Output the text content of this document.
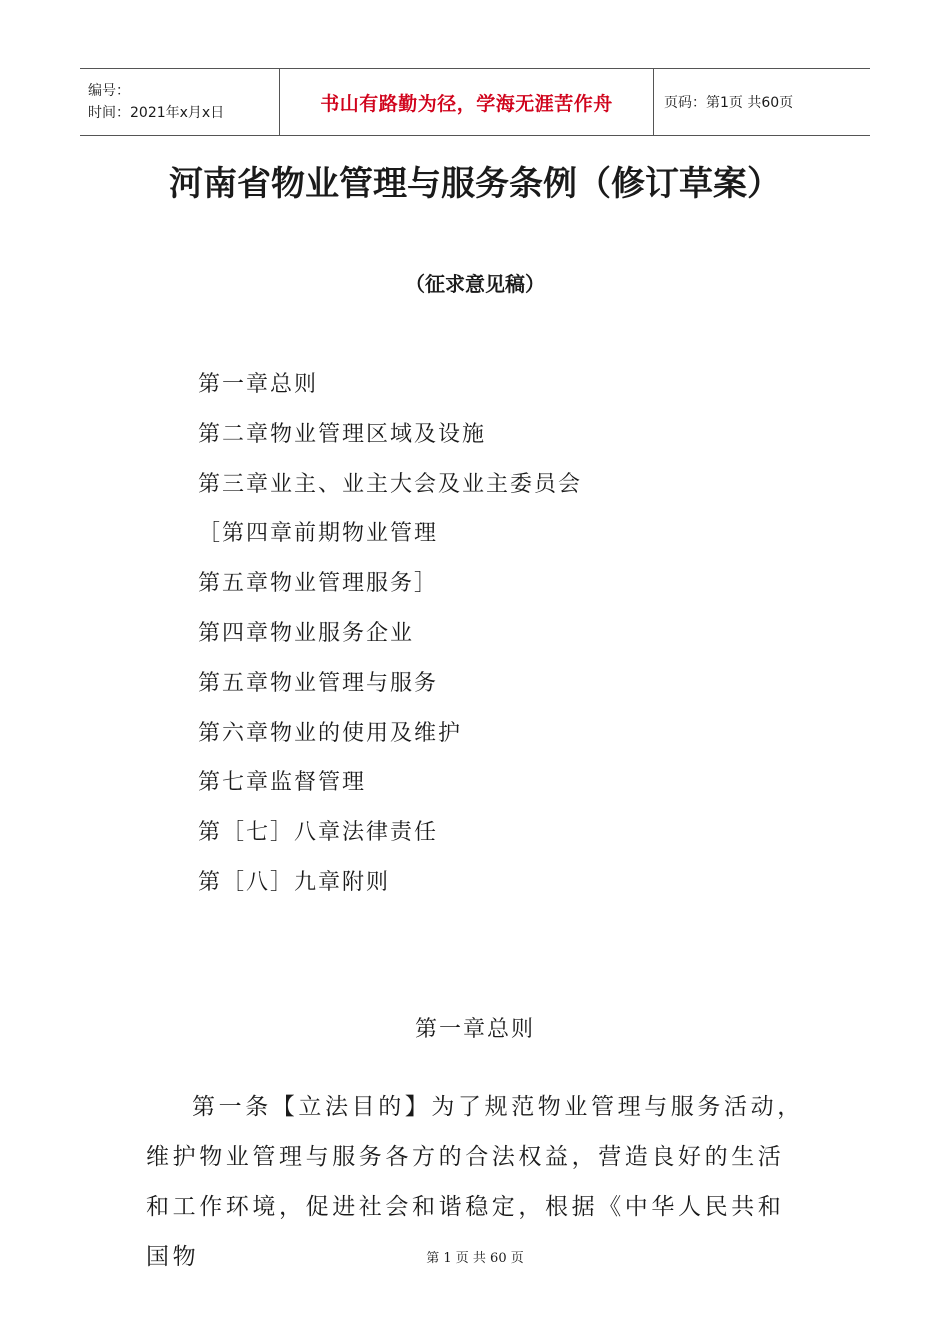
编号：
时间：2021年x月x日	书山有路勤为径，学海无涯苦作舟	页码：第1页 共60页
河南省物业管理与服务条例（修订草案）
（征求意见稿）
第一章总则
第二章物业管理区域及设施
第三章业主、业主大会及业主委员会
［第四章前期物业管理
第五章物业管理服务］
第四章物业服务企业
第五章物业管理与服务
第六章物业的使用及维护
第七章监督管理
第［七］八章法律责任
第［八］九章附则
第一章总则

第一条【立法目的】为了规范物业管理与服务活动，维护物业管理与服务各方的合法权益，营造良好的生活和工作环境，促进社会和谐稳定，根据《中华人民共和国物	第 1 页 共 60 页
